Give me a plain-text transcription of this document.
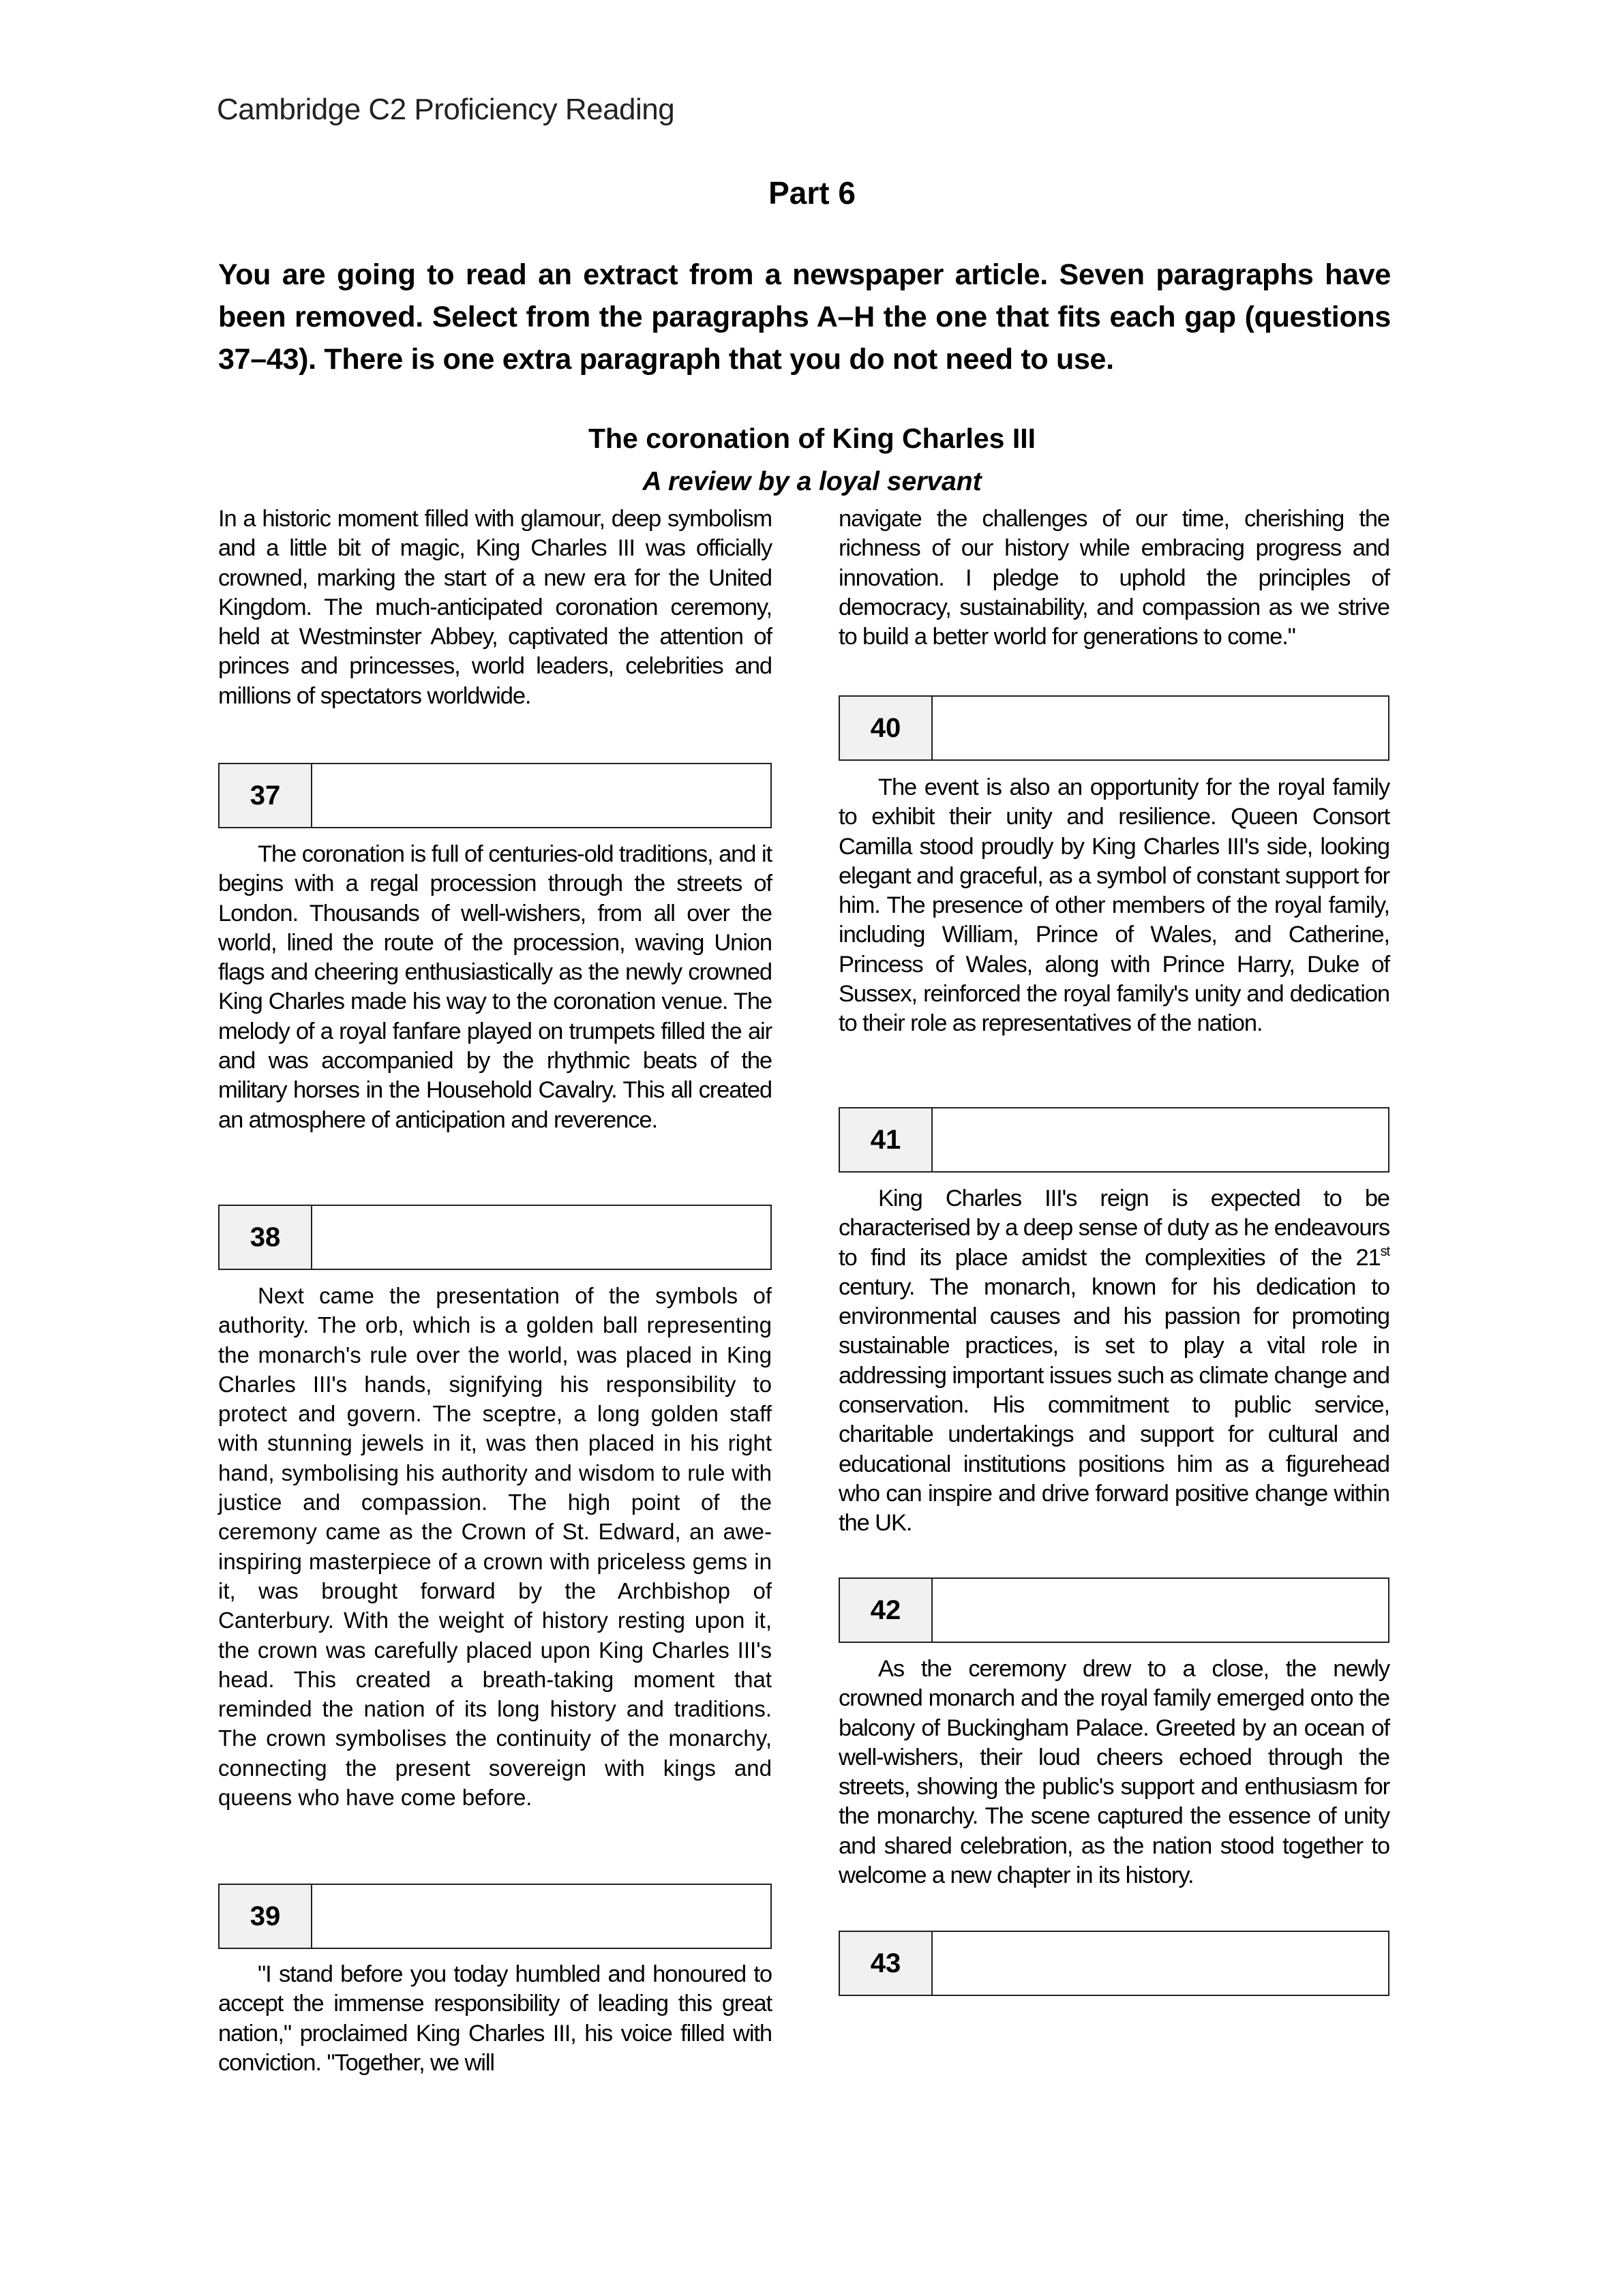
Cambridge C2 Proficiency Reading
Part 6
You are going to read an extract from a newspaper article. Seven paragraphs have been removed. Select from the paragraphs A–H the one that fits each gap (questions 37–43). There is one extra paragraph that you do not need to use.
The coronation of King Charles III
A review by a loyal servant
In a historic moment filled with glamour, deep symbolism and a little bit of magic, King Charles III was officially crowned, marking the start of a new era for the United Kingdom. The much-anticipated coronation ceremony, held at Westminster Abbey, captivated the attention of princes and princesses, world leaders, celebrities and millions of spectators worldwide.
37
The coronation is full of centuries-old traditions, and it begins with a regal procession through the streets of London. Thousands of well-wishers, from all over the world, lined the route of the procession, waving Union flags and cheering enthusiastically as the newly crowned King Charles made his way to the coronation venue. The melody of a royal fanfare played on trumpets filled the air and was accompanied by the rhythmic beats of the military horses in the Household Cavalry. This all created an atmosphere of anticipation and reverence.
38
Next came the presentation of the symbols of authority. The orb, which is a golden ball representing the monarch's rule over the world, was placed in King Charles III's hands, signifying his responsibility to protect and govern. The sceptre, a long golden staff with stunning jewels in it, was then placed in his right hand, symbolising his authority and wisdom to rule with justice and compassion. The high point of the ceremony came as the Crown of St. Edward, an awe-inspiring masterpiece of a crown with priceless gems in it, was brought forward by the Archbishop of Canterbury. With the weight of history resting upon it, the crown was carefully placed upon King Charles III's head. This created a breath-taking moment that reminded the nation of its long history and traditions. The crown symbolises the continuity of the monarchy, connecting the present sovereign with kings and queens who have come before.
39
"I stand before you today humbled and honoured to accept the immense responsibility of leading this great nation," proclaimed King Charles III, his voice filled with conviction. "Together, we will
navigate the challenges of our time, cherishing the richness of our history while embracing progress and innovation. I pledge to uphold the principles of democracy, sustainability, and compassion as we strive to build a better world for generations to come."
40
The event is also an opportunity for the royal family to exhibit their unity and resilience. Queen Consort Camilla stood proudly by King Charles III's side, looking elegant and graceful, as a symbol of constant support for him. The presence of other members of the royal family, including William, Prince of Wales, and Catherine, Princess of Wales, along with Prince Harry, Duke of Sussex, reinforced the royal family's unity and dedication to their role as representatives of the nation.
41
King Charles III's reign is expected to be characterised by a deep sense of duty as he endeavours to find its place amidst the complexities of the 21st century. The monarch, known for his dedication to environmental causes and his passion for promoting sustainable practices, is set to play a vital role in addressing important issues such as climate change and conservation. His commitment to public service, charitable undertakings and support for cultural and educational institutions positions him as a figurehead who can inspire and drive forward positive change within the UK.
42
As the ceremony drew to a close, the newly crowned monarch and the royal family emerged onto the balcony of Buckingham Palace. Greeted by an ocean of well-wishers, their loud cheers echoed through the streets, showing the public's support and enthusiasm for the monarchy. The scene captured the essence of unity and shared celebration, as the nation stood together to welcome a new chapter in its history.
43
